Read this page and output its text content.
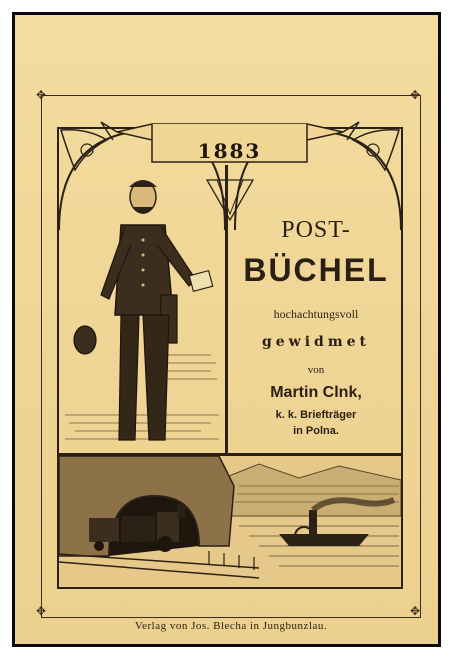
✥	✥
✥	✥
1883
POST-
BÜCHEL
hochachtungsvoll
gewidmet
von
Martin Clnk,
k. k. Briefträger
in Polna.
Verlag von Jos. Blecha in Jungbunzlau.
